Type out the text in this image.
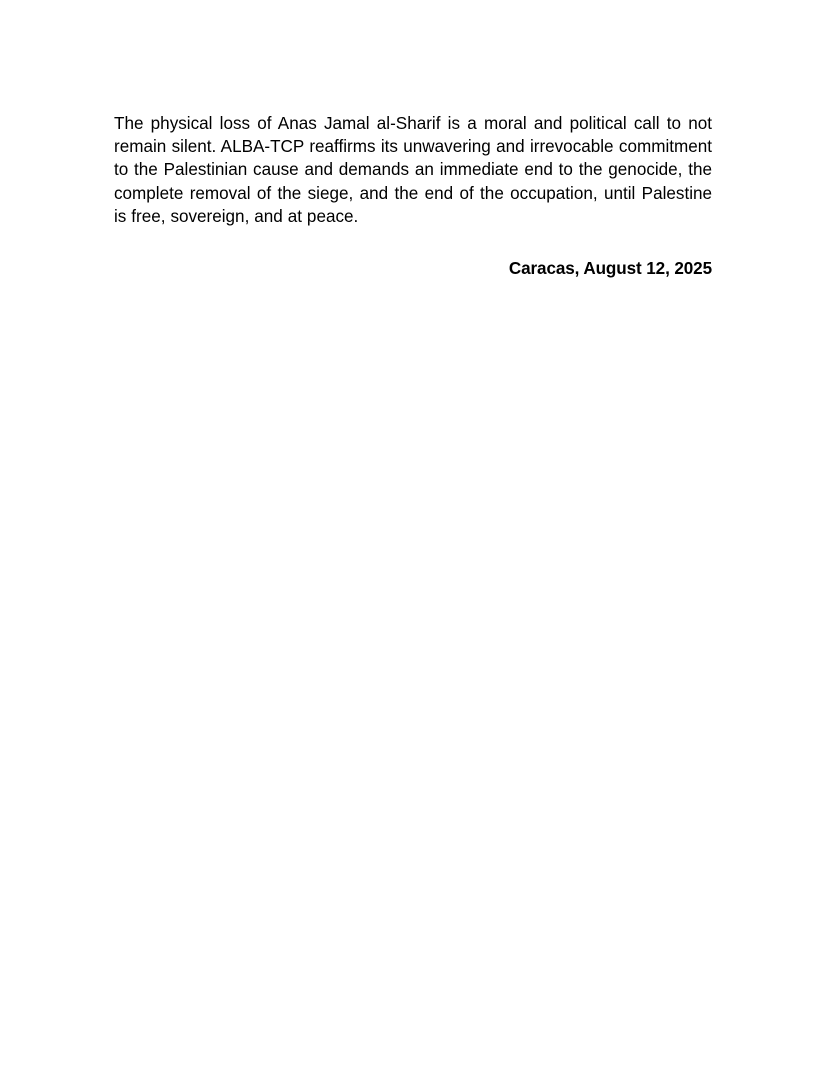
The physical loss of Anas Jamal al-Sharif is a moral and political call to not remain silent. ALBA-TCP reaffirms its unwavering and irrevocable commitment to the Palestinian cause and demands an immediate end to the genocide, the complete removal of the siege, and the end of the occupation, until Palestine is free, sovereign, and at peace.

Caracas, August 12, 2025
